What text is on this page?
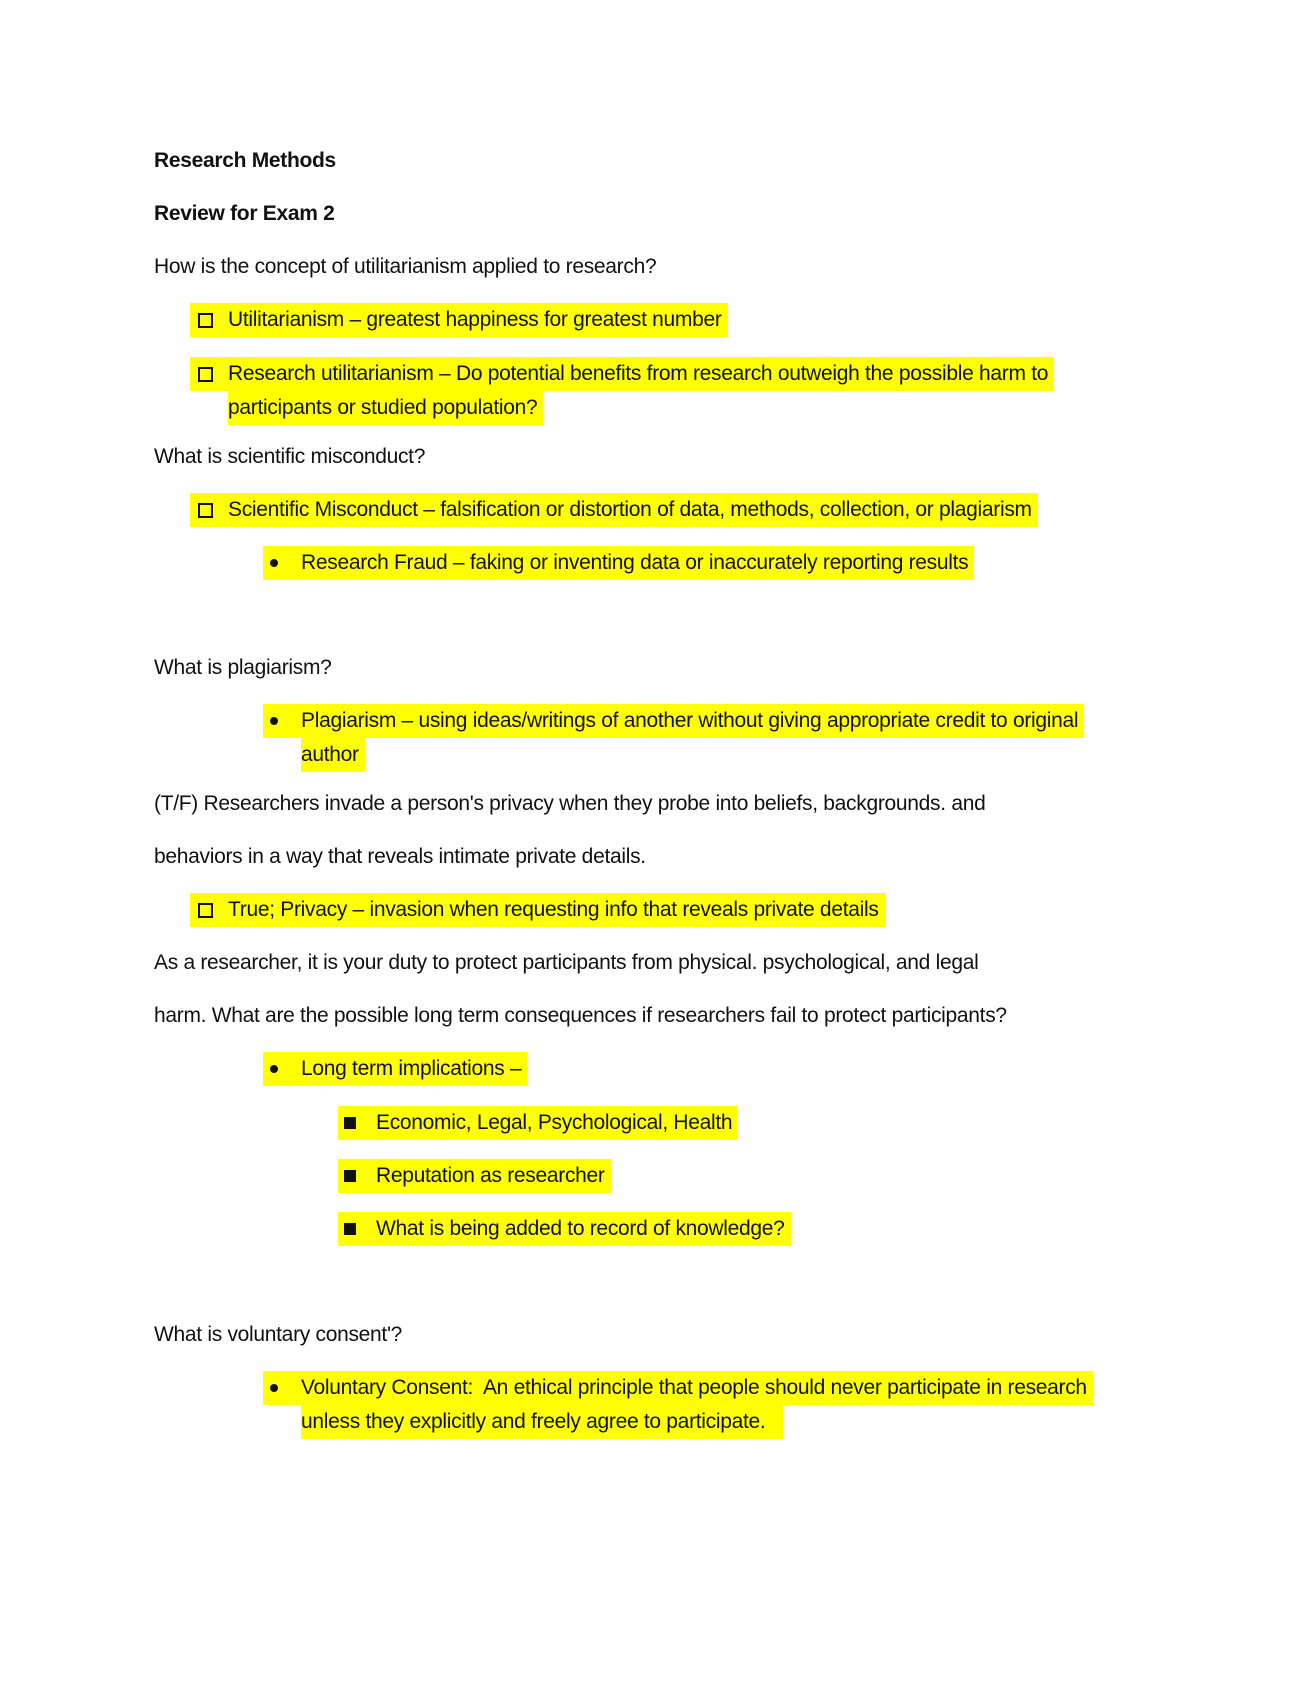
Research Methods
Review for Exam 2
How is the concept of utilitarianism applied to research?
Utilitarianism – greatest happiness for greatest number
Research utilitarianism – Do potential benefits from research outweigh the possible harm to
participants or studied population?
What is scientific misconduct?
Scientific Misconduct – falsification or distortion of data, methods, collection, or plagiarism
Research Fraud – faking or inventing data or inaccurately reporting results
What is plagiarism?
Plagiarism – using ideas/writings of another without giving appropriate credit to original
author
(T/F) Researchers invade a person's privacy when they probe into beliefs, backgrounds. and
behaviors in a way that reveals intimate private details.
True; Privacy – invasion when requesting info that reveals private details
As a researcher, it is your duty to protect participants from physical. psychological, and legal
harm. What are the possible long term consequences if researchers fail to protect participants?
Long term implications –
Economic, Legal, Psychological, Health
Reputation as researcher
What is being added to record of knowledge?
What is voluntary consent'?
Voluntary Consent:  An ethical principle that people should never participate in research
unless they explicitly and freely agree to participate.
